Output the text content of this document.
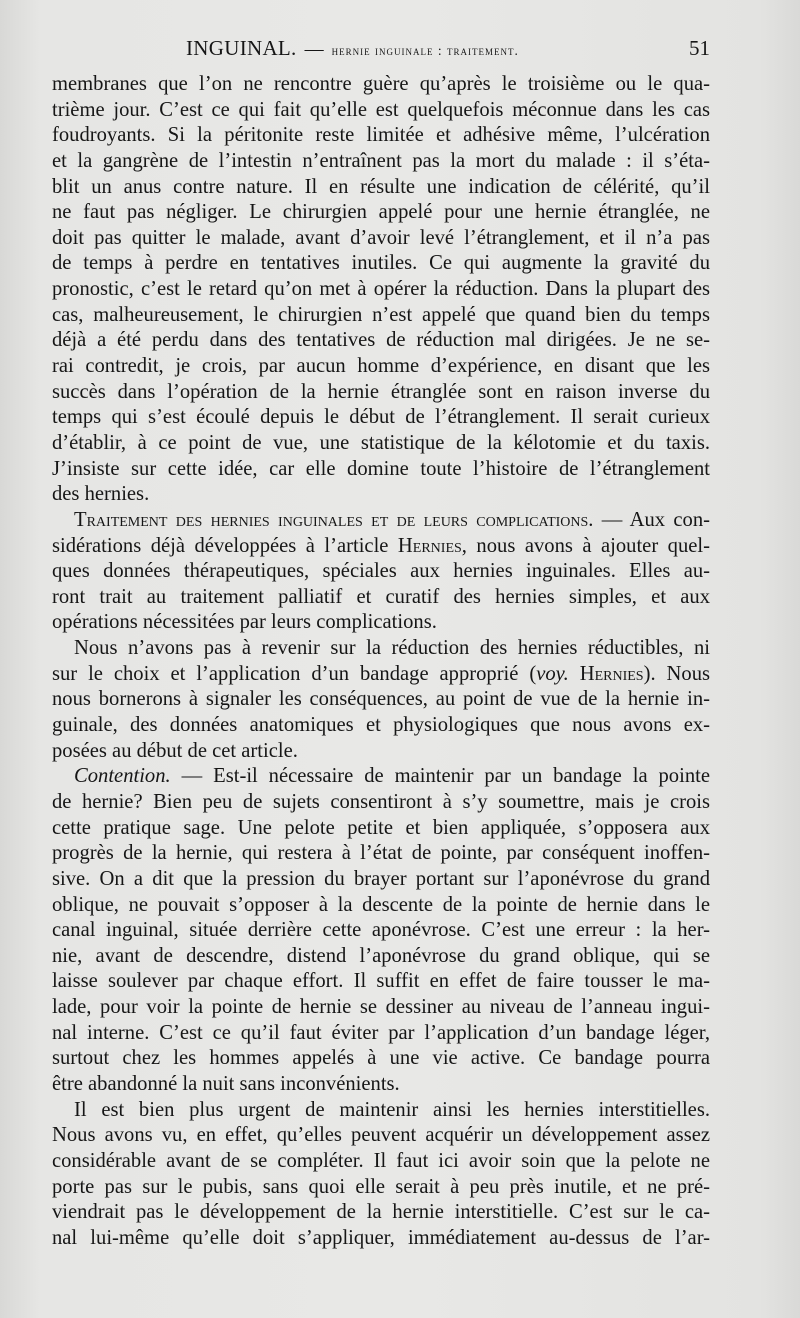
INGUINAL. — hernie inguinale : traitement.	51
membranes que l’on ne rencontre guère qu’après le troisième ou le qua-
trième jour. C’est ce qui fait qu’elle est quelquefois méconnue dans les cas
foudroyants. Si la péritonite reste limitée et adhésive même, l’ulcération
et la gangrène de l’intestin n’entraînent pas la mort du malade : il s’éta-
blit un anus contre nature. Il en résulte une indication de célérité, qu’il
ne faut pas négliger. Le chirurgien appelé pour une hernie étranglée, ne
doit pas quitter le malade, avant d’avoir levé l’étranglement, et il n’a pas
de temps à perdre en tentatives inutiles. Ce qui augmente la gravité du
pronostic, c’est le retard qu’on met à opérer la réduction. Dans la plupart des
cas, malheureusement, le chirurgien n’est appelé que quand bien du temps
déjà a été perdu dans des tentatives de réduction mal dirigées. Je ne se-
rai contredit, je crois, par aucun homme d’expérience, en disant que les
succès dans l’opération de la hernie étranglée sont en raison inverse du
temps qui s’est écoulé depuis le début de l’étranglement. Il serait curieux
d’établir, à ce point de vue, une statistique de la kélotomie et du taxis.
J’insiste sur cette idée, car elle domine toute l’histoire de l’étranglement
des hernies.
Traitement des hernies inguinales et de leurs complications. — Aux con-
sidérations déjà développées à l’article Hernies, nous avons à ajouter quel-
ques données thérapeutiques, spéciales aux hernies inguinales. Elles au-
ront trait au traitement palliatif et curatif des hernies simples, et aux
opérations nécessitées par leurs complications.
Nous n’avons pas à revenir sur la réduction des hernies réductibles, ni
sur le choix et l’application d’un bandage approprié (voy. Hernies). Nous
nous bornerons à signaler les conséquences, au point de vue de la hernie in-
guinale, des données anatomiques et physiologiques que nous avons ex-
posées au début de cet article.
Contention. — Est-il nécessaire de maintenir par un bandage la pointe
de hernie? Bien peu de sujets consentiront à s’y soumettre, mais je crois
cette pratique sage. Une pelote petite et bien appliquée, s’opposera aux
progrès de la hernie, qui restera à l’état de pointe, par conséquent inoffen-
sive. On a dit que la pression du brayer portant sur l’aponévrose du grand
oblique, ne pouvait s’opposer à la descente de la pointe de hernie dans le
canal inguinal, située derrière cette aponévrose. C’est une erreur : la her-
nie, avant de descendre, distend l’aponévrose du grand oblique, qui se
laisse soulever par chaque effort. Il suffit en effet de faire tousser le ma-
lade, pour voir la pointe de hernie se dessiner au niveau de l’anneau ingui-
nal interne. C’est ce qu’il faut éviter par l’application d’un bandage léger,
surtout chez les hommes appelés à une vie active. Ce bandage pourra
être abandonné la nuit sans inconvénients.
Il est bien plus urgent de maintenir ainsi les hernies interstitielles.
Nous avons vu, en effet, qu’elles peuvent acquérir un développement assez
considérable avant de se compléter. Il faut ici avoir soin que la pelote ne
porte pas sur le pubis, sans quoi elle serait à peu près inutile, et ne pré-
viendrait pas le développement de la hernie interstitielle. C’est sur le ca-
nal lui-même qu’elle doit s’appliquer, immédiatement au-dessus de l’ar-
